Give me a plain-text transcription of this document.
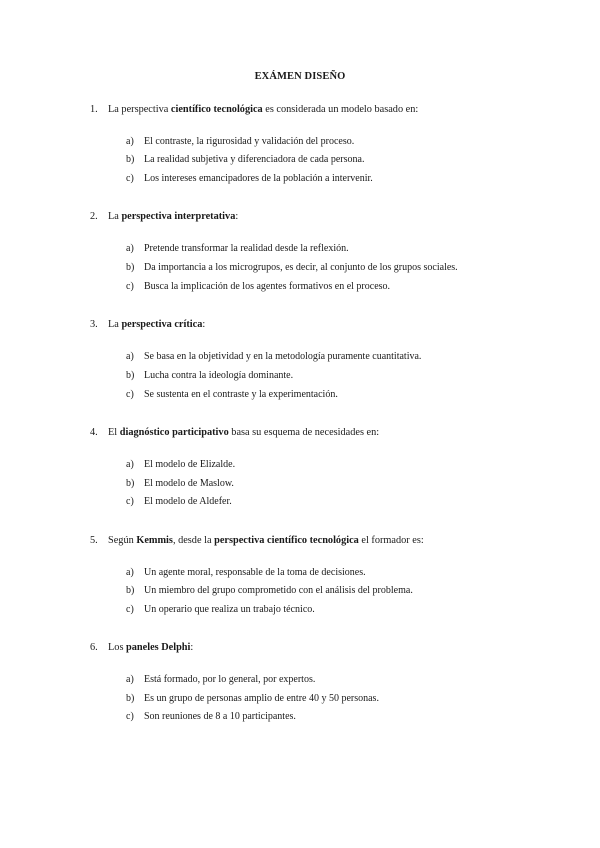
EXÁMEN DISEÑO
1. La perspectiva científico tecnológica es considerada un modelo basado en:
a) El contraste, la rigurosidad y validación del proceso.
b) La realidad subjetiva y diferenciadora de cada persona.
c) Los intereses emancipadores de la población a intervenir.
2. La perspectiva interpretativa:
a) Pretende transformar la realidad desde la reflexión.
b) Da importancia a los microgrupos, es decir, al conjunto de los grupos sociales.
c) Busca la implicación de los agentes formativos en el proceso.
3. La perspectiva crítica:
a) Se basa en la objetividad y en la metodología puramente cuantitativa.
b) Lucha contra la ideología dominante.
c) Se sustenta en el contraste y la experimentación.
4. El diagnóstico participativo basa su esquema de necesidades en:
a) El modelo de Elizalde.
b) El modelo de Maslow.
c) El modelo de Aldefer.
5. Según Kemmis, desde la perspectiva científico tecnológica el formador es:
a) Un agente moral, responsable de la toma de decisiones.
b) Un miembro del grupo comprometido con el análisis del problema.
c) Un operario que realiza un trabajo técnico.
6. Los paneles Delphi:
a) Está formado, por lo general, por expertos.
b) Es un grupo de personas amplio de entre 40 y 50 personas.
c) Son reuniones de 8 a 10 participantes.
